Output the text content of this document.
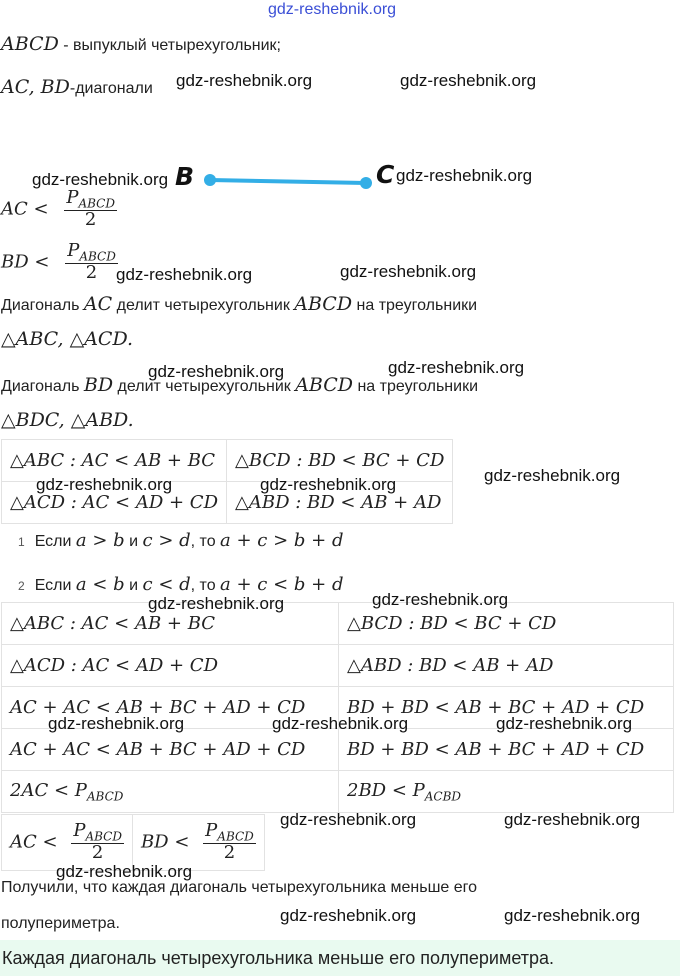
gdz-reshebnik.org
ABCD - выпуклый четырехугольник;
AC, BD-диагонали gdz-reshebnik.org	gdz-reshebnik.org
B	C
gdz-reshebnik.org	gdz-reshebnik.org
AC < $\frac{P_{ABCD}}{2}$
BD < $\frac{P_{ABCD}}{2}$
gdz-reshebnik.org	gdz-reshebnik.org
Диагональ AC делит четырехугольник ABCD на треугольники
△ABC, △ACD.
gdz-reshebnik.org	gdz-reshebnik.org
Диагональ BD делит четырехугольник ABCD на треугольники
△BDC, △ABD.
△ABC : AC < AB + BC	△BCD : BD < BC + CD
△ACD : AC < AD + CD	△ABD : BD < AB + AD
gdz-reshebnik.org
gdz-reshebnik.org	gdz-reshebnik.org
1 Если a > b и c > d, то a + c > b + d
2 Если a < b и c < d, то a + c < b + d
△ABC : AC < AB + BC	△BCD : BD < BC + CD
△ACD : AC < AD + CD	△ABD : BD < AB + AD
AC + AC < AB + BC + AD + CD	BD + BD < AB + BC + AD + CD
AC + AC < AB + BC + AD + CD	BD + BD < AB + BC + AD + CD
$2AC < P_{ABCD}$	$2BD < P_{ACBD}$
gdz-reshebnik.org	gdz-reshebnik.org
gdz-reshebnik.org	gdz-reshebnik.org	gdz-reshebnik.org
AC < $\frac{P_{ABCD}}{2}$	BD < $\frac{P_{ABCD}}{2}$
gdz-reshebnik.org	gdz-reshebnik.org
gdz-reshebnik.org
Получили, что каждая диагональ четырехугольника меньше его
полупериметра.	gdz-reshebnik.org	gdz-reshebnik.org
Каждая диагональ четырехугольника меньше его полупериметра.
